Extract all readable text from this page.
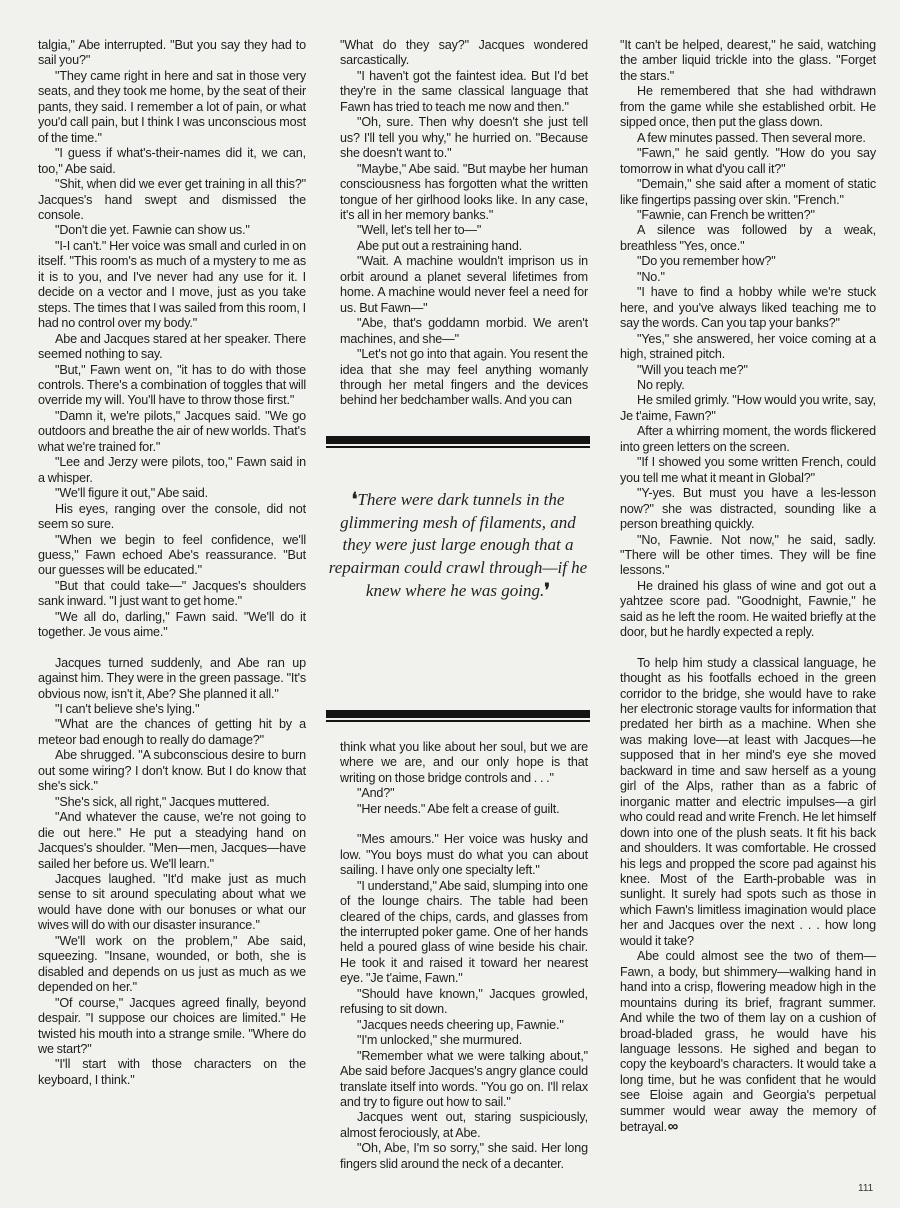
talgia," Abe interrupted. "But you say they had to sail you?"

"They came right in here and sat in those very seats, and they took me home, by the seat of their pants, they said. I remember a lot of pain, or what you'd call pain, but I think I was unconscious most of the time."

"I guess if what's-their-names did it, we can, too," Abe said.

"Shit, when did we ever get training in all this?" Jacques's hand swept and dismissed the console.

"Don't die yet. Fawnie can show us."

"I-I can't." Her voice was small and curled in on itself. "This room's as much of a mystery to me as it is to you, and I've never had any use for it. I decide on a vector and I move, just as you take steps. The times that I was sailed from this room, I had no control over my body."

Abe and Jacques stared at her speaker. There seemed nothing to say.

"But," Fawn went on, "it has to do with those controls. There's a combination of toggles that will override my will. You'll have to throw those first."

"Damn it, we're pilots," Jacques said. "We go outdoors and breathe the air of new worlds. That's what we're trained for."

"Lee and Jerzy were pilots, too," Fawn said in a whisper.

"We'll figure it out," Abe said.

His eyes, ranging over the console, did not seem so sure.

"When we begin to feel confidence, we'll guess," Fawn echoed Abe's reassurance. "But our guesses will be educated."

"But that could take—" Jacques's shoulders sank inward. "I just want to get home."

"We all do, darling," Fawn said. "We'll do it together. Je vous aime."

Jacques turned suddenly, and Abe ran up against him. They were in the green passage. "It's obvious now, isn't it, Abe? She planned it all."

"I can't believe she's lying."

"What are the chances of getting hit by a meteor bad enough to really do damage?"

Abe shrugged. "A subconscious desire to burn out some wiring? I don't know. But I do know that she's sick."

"She's sick, all right," Jacques muttered.

"And whatever the cause, we're not going to die out here." He put a steadying hand on Jacques's shoulder. "Men—men, Jacques—have sailed her before us. We'll learn."

Jacques laughed. "It'd make just as much sense to sit around speculating about what we would have done with our bonuses or what our wives will do with our disaster insurance."

"We'll work on the problem," Abe said, squeezing. "Insane, wounded, or both, she is disabled and depends on us just as much as we depended on her."

"Of course," Jacques agreed finally, beyond despair. "I suppose our choices are limited." He twisted his mouth into a strange smile. "Where do we start?"

"I'll start with those characters on the keyboard, I think."

"What do they say?" Jacques wondered sarcastically.

"I haven't got the faintest idea. But I'd bet they're in the same classical language that Fawn has tried to teach me now and then."

"Oh, sure. Then why doesn't she just tell us? I'll tell you why," he hurried on. "Because she doesn't want to."

"Maybe," Abe said. "But maybe her human consciousness has forgotten what the written tongue of her girlhood looks like. In any case, it's all in her memory banks."

"Well, let's tell her to—"

Abe put out a restraining hand.

"Wait. A machine wouldn't imprison us in orbit around a planet several lifetimes from home. A machine would never feel a need for us. But Fawn—"

"Abe, that's goddamn morbid. We aren't machines, and she—"

"Let's not go into that again. You resent the idea that she may feel anything womanly through her metal fingers and the devices behind her bedchamber walls. And you can

think what you like about her soul, but we are where we are, and our only hope is that writing on those bridge controls and . . ."

"And?"

"Her needs." Abe felt a crease of guilt.

"Mes amours." Her voice was husky and low. "You boys must do what you can about sailing. I have only one specialty left."

"I understand," Abe said, slumping into one of the lounge chairs. The table had been cleared of the chips, cards, and glasses from the interrupted poker game. One of her hands held a poured glass of wine beside his chair. He took it and raised it toward her nearest eye. "Je t'aime, Fawn."

"Should have known," Jacques growled, refusing to sit down.

"Jacques needs cheering up, Fawnie."

"I'm unlocked," she murmured.

"Remember what we were talking about," Abe said before Jacques's angry glance could translate itself into words. "You go on. I'll relax and try to figure out how to sail."

Jacques went out, staring suspiciously, almost ferociously, at Abe.

"Oh, Abe, I'm so sorry," she said. Her long fingers slid around the neck of a decanter.

❛There were dark tunnels in the glimmering mesh of filaments, and they were just large enough that a repairman could crawl through—if he knew where he was going.❜

"It can't be helped, dearest," he said, watching the amber liquid trickle into the glass. "Forget the stars."

He remembered that she had withdrawn from the game while she established orbit. He sipped once, then put the glass down.

A few minutes passed. Then several more.

"Fawn," he said gently. "How do you say tomorrow in what d'you call it?"

"Demain," she said after a moment of static like fingertips passing over skin. "French."

"Fawnie, can French be written?"

A silence was followed by a weak, breathless "Yes, once."

"Do you remember how?"

"No."

"I have to find a hobby while we're stuck here, and you've always liked teaching me to say the words. Can you tap your banks?"

"Yes," she answered, her voice coming at a high, strained pitch.

"Will you teach me?"

No reply.

He smiled grimly. "How would you write, say, Je t'aime, Fawn?"

After a whirring moment, the words flickered into green letters on the screen.

"If I showed you some written French, could you tell me what it meant in Global?"

"Y-yes. But must you have a les-lesson now?" she was distracted, sounding like a person breathing quickly.

"No, Fawnie. Not now," he said, sadly. "There will be other times. They will be fine lessons."

He drained his glass of wine and got out a yahtzee score pad. "Goodnight, Fawnie," he said as he left the room. He waited briefly at the door, but he hardly expected a reply.

To help him study a classical language, he thought as his footfalls echoed in the green corridor to the bridge, she would have to rake her electronic storage vaults for information that predated her birth as a machine. When she was making love—at least with Jacques—he supposed that in her mind's eye she moved backward in time and saw herself as a young girl of the Alps, rather than as a fabric of inorganic matter and electric impulses—a girl who could read and write French. He let himself down into one of the plush seats. It fit his back and shoulders. It was comfortable. He crossed his legs and propped the score pad against his knee. Most of the Earth-probable was in sunlight. It surely had spots such as those in which Fawn's limitless imagination would place her and Jacques over the next . . . how long would it take?

Abe could almost see the two of them—Fawn, a body, but shimmery—walking hand in hand into a crisp, flowering meadow high in the mountains during its brief, fragrant summer. And while the two of them lay on a cushion of broad-bladed grass, he would have his language lessons. He sighed and began to copy the keyboard's characters. It would take a long time, but he was confident that he would see Eloise again and Georgia's perpetual summer would wear away the memory of betrayal. ∞

111
